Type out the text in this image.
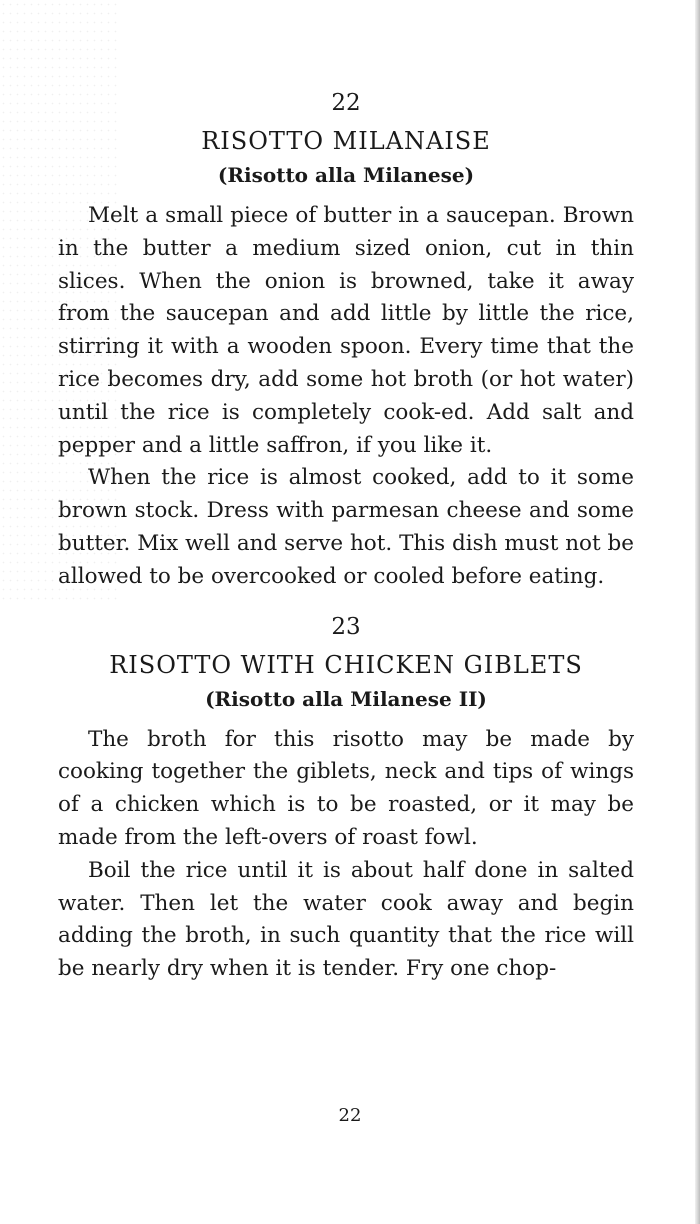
22

RISOTTO MILANAISE

(Risotto alla Milanese)

Melt a small piece of butter in a saucepan. Brown in the butter a medium sized onion, cut in thin slices. When the onion is browned, take it away from the saucepan and add little by little the rice, stirring it with a wooden spoon. Every time that the rice becomes dry, add some hot broth (or hot water) until the rice is completely cook-ed. Add salt and pepper and a little saffron, if you like it.

When the rice is almost cooked, add to it some brown stock. Dress with parmesan cheese and some butter. Mix well and serve hot. This dish must not be allowed to be overcooked or cooled before eating.

23

RISOTTO WITH CHICKEN GIBLETS

(Risotto alla Milanese II)

The broth for this risotto may be made by cooking together the giblets, neck and tips of wings of a chicken which is to be roasted, or it may be made from the left-overs of roast fowl.

Boil the rice until it is about half done in salted water. Then let the water cook away and begin adding the broth, in such quantity that the rice will be nearly dry when it is tender. Fry one chop-

22
